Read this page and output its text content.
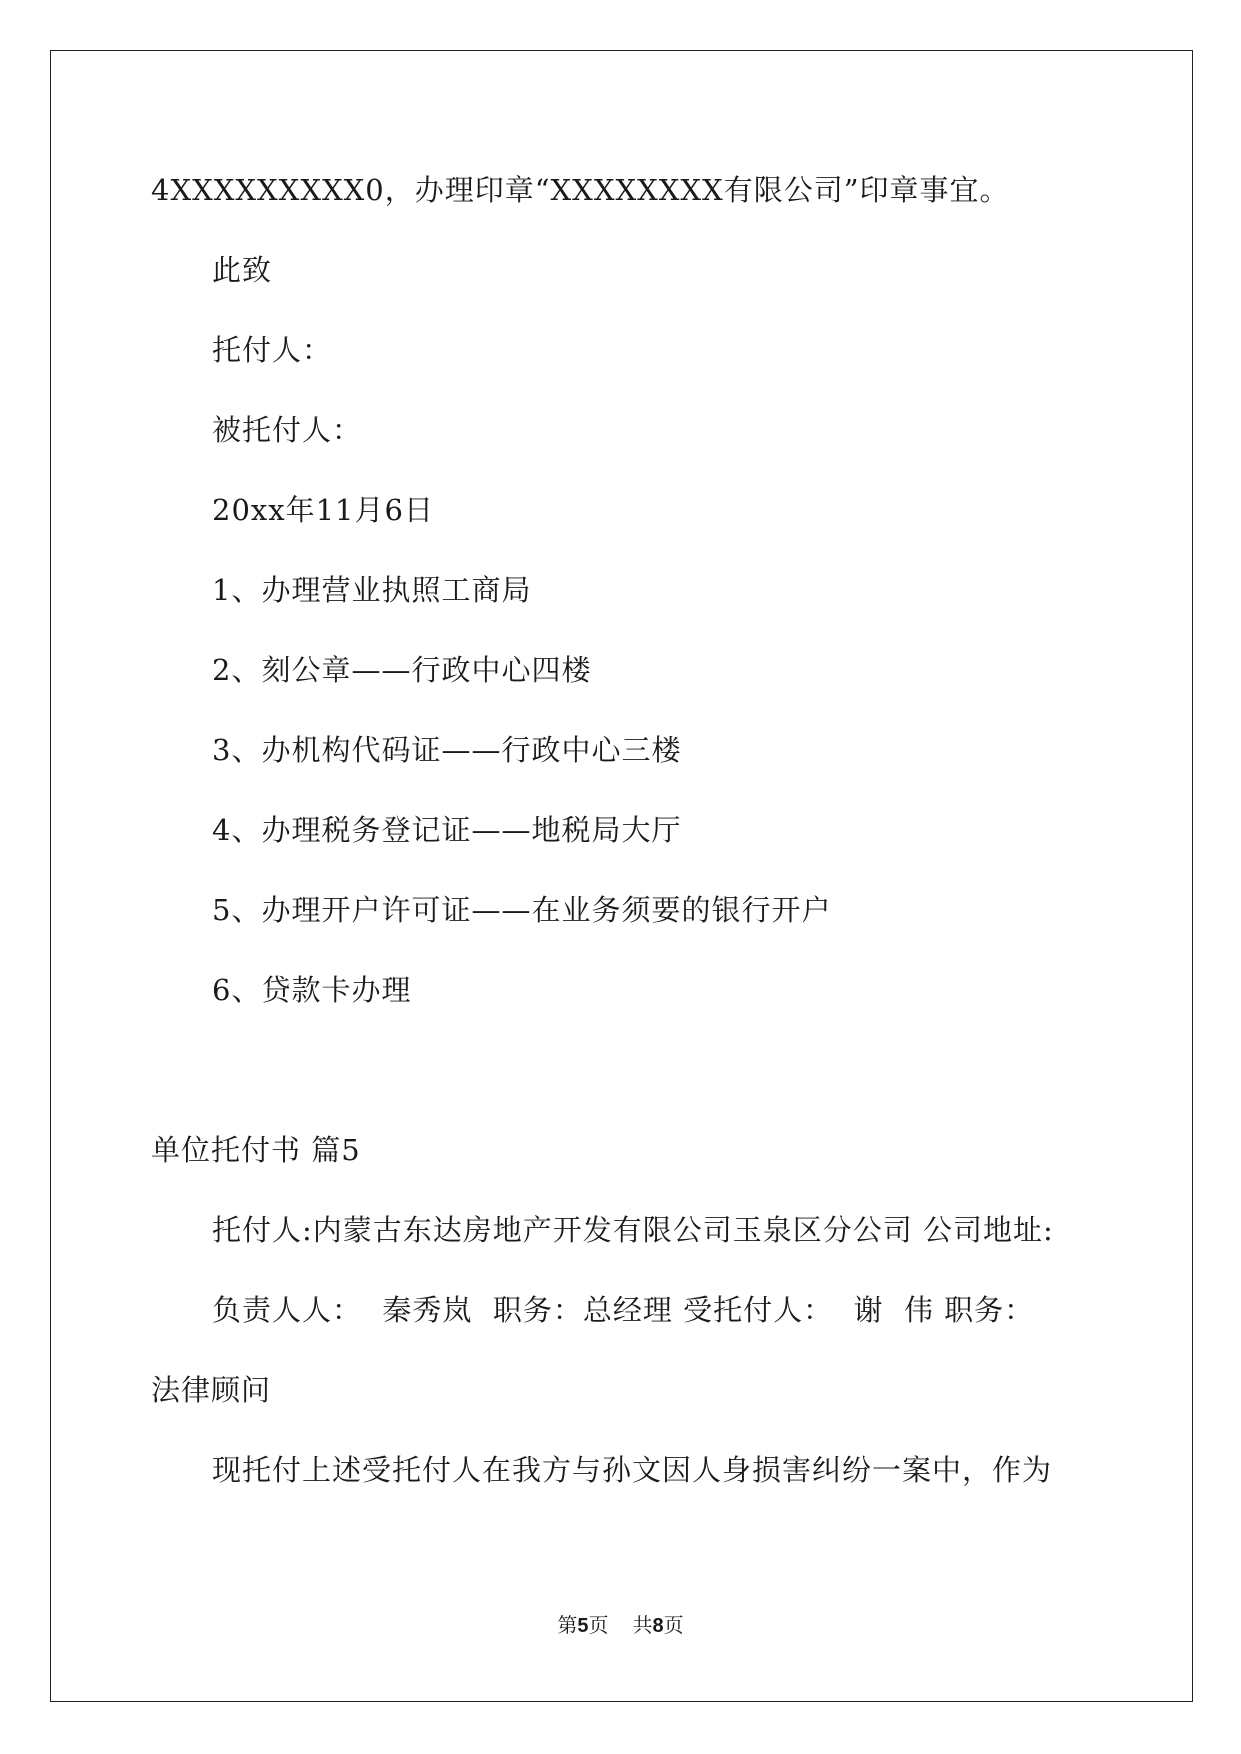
4XXXXXXXXX0，办理印章“XXXXXXXX有限公司”印章事宜。
此致
托付人：
被托付人：
20xx年11月6日
1、办理营业执照工商局
2、刻公章——行政中心四楼
3、办机构代码证——行政中心三楼
4、办理税务登记证——地税局大厅
5、办理开户许可证——在业务须要的银行开户
6、贷款卡办理
单位托付书 篇5
托付人:内蒙古东达房地产开发有限公司玉泉区分公司 公司地址:
负责人人：  秦秀岚  职务：总经理 受托付人：  谢  伟 职务：
法律顾问
现托付上述受托付人在我方与孙文因人身损害纠纷一案中，作为
第5页 共8页
